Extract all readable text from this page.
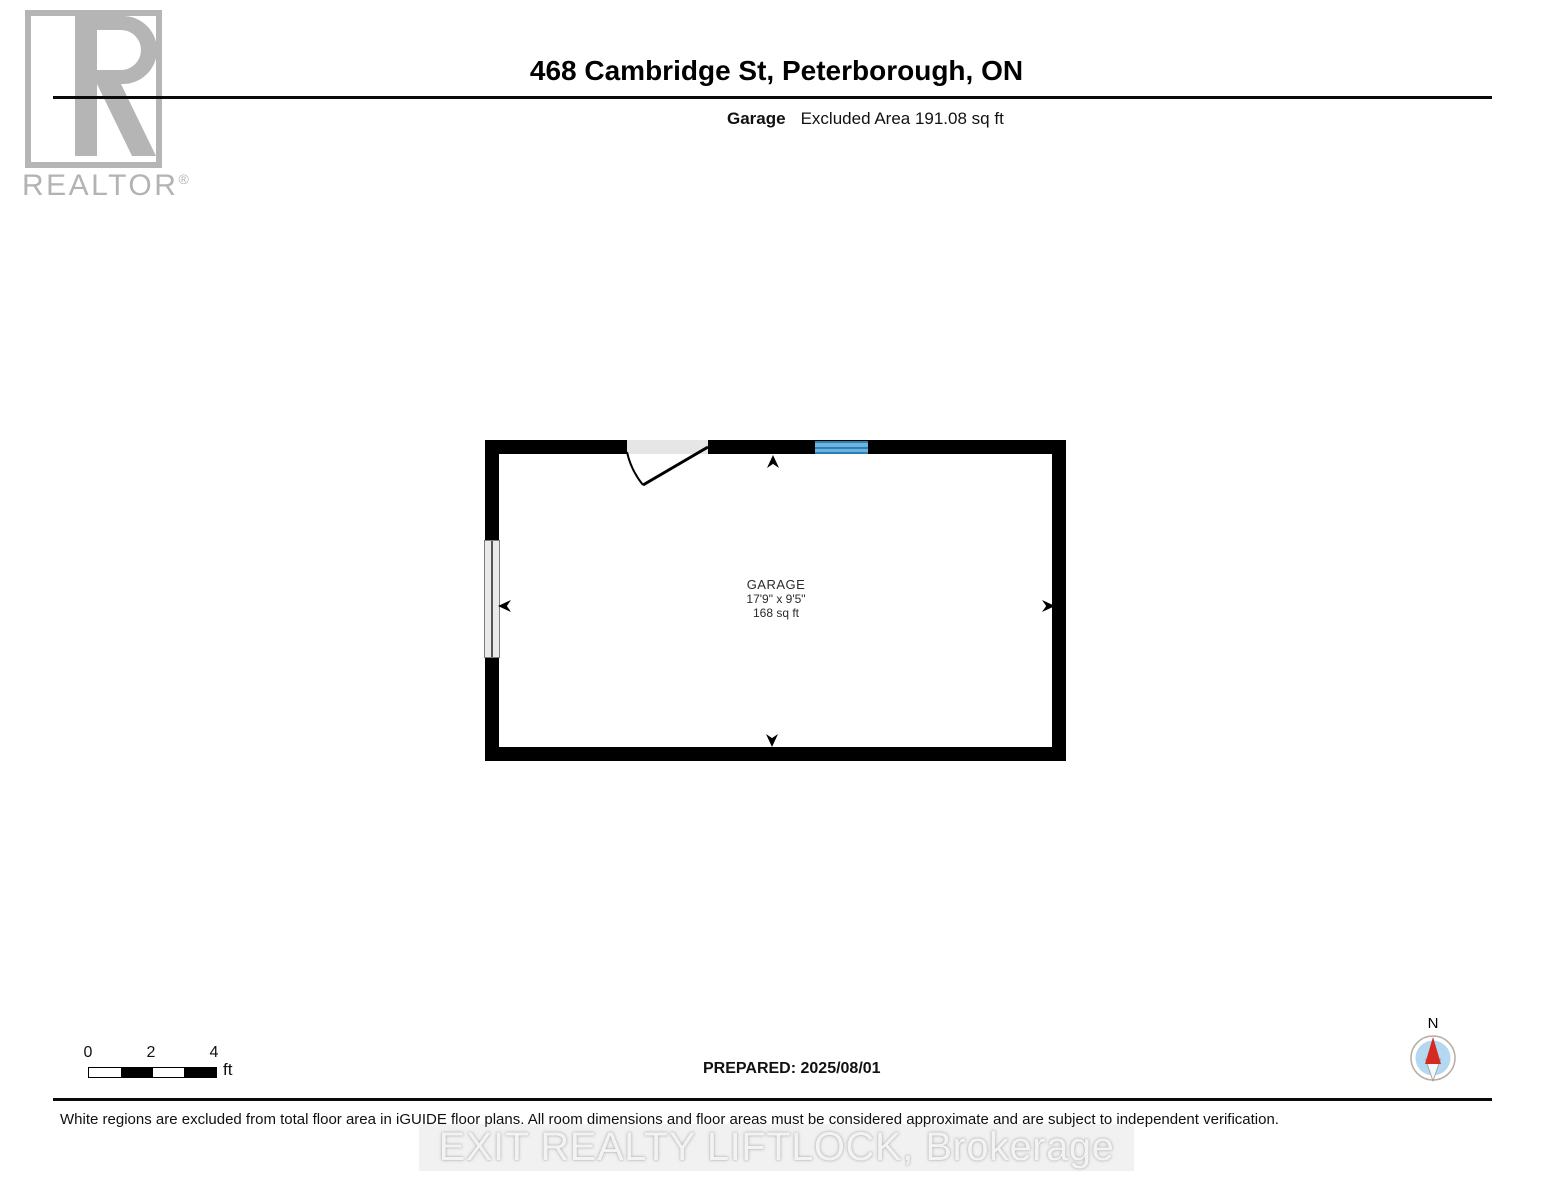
REALTOR®
468 Cambridge St, Peterborough, ON
Garage Excluded Area 191.08 sq ft
GARAGE
17'9" x 9'5"
168 sq ft
0	2	4
ft	PREPARED: 2025/08/01
N
White regions are excluded from total floor area in iGUIDE floor plans. All room dimensions and floor areas must be considered approximate and are subject to independent verification.
EXIT REALTY LIFTLOCK, Brokerage
